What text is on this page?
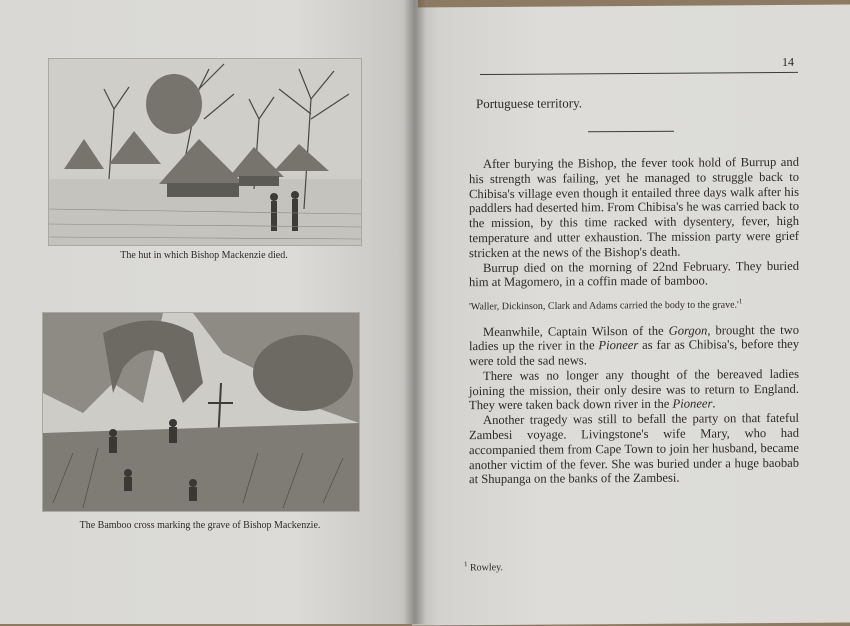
The hut in which Bishop Mackenzie died.
The Bamboo cross marking the grave of Bishop Mackenzie.
14
Portuguese territory.

After burying the Bishop, the fever took hold of Burrup and his strength was failing, yet he managed to struggle back to Chibisa's village even though it entailed three days walk after his paddlers had deserted him. From Chibisa's he was carried back to the mission, by this time racked with dysentery, fever, high temperature and utter exhaustion. The mission party were grief stricken at the news of the Bishop's death.

Burrup died on the morning of 22nd February. They buried him at Magomero, in a coffin made of bamboo.

'Waller, Dickinson, Clark and Adams carried the body to the $grave.'^1$

Meanwhile, Captain Wilson of the Gorgon, brought the two ladies up the river in the Pioneer as far as Chibisa's, before they were told the sad news.

There was no longer any thought of the bereaved ladies joining the mission, their only desire was to return to England. They were taken back down river in the Pioneer.

Another tragedy was still to befall the party on that fateful Zambesi voyage. Livingstone's wife Mary, who had accompanied them from Cape Town to join her husband, became another victim of the fever. She was buried under a huge baobab at Shupanga on the banks of the Zambesi.

$^1$ Rowley.
